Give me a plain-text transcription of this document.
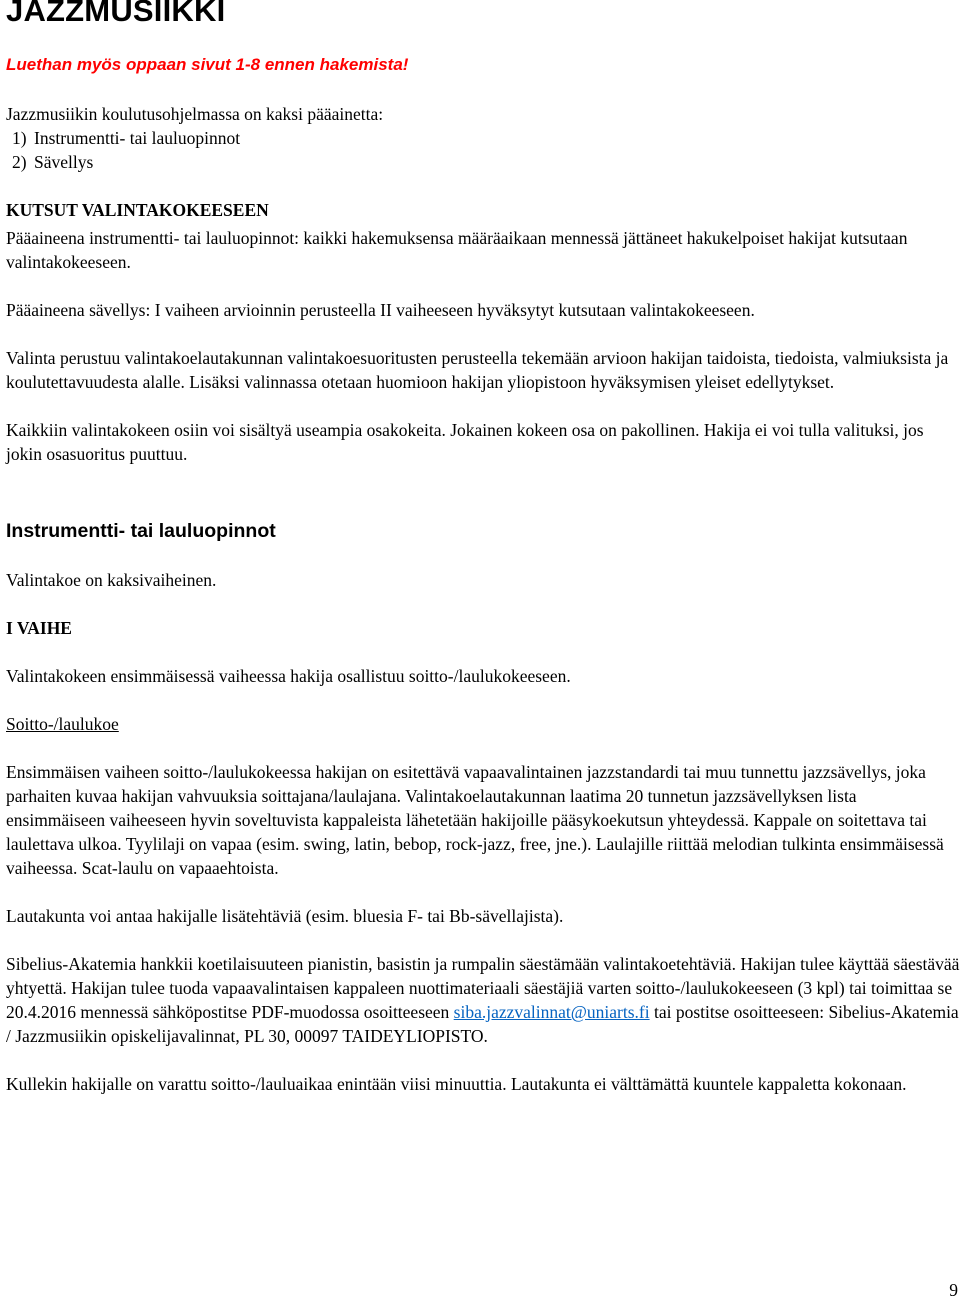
JAZZMUSIIKKI

Luethan myös oppaan sivut 1-8 ennen hakemista!

Jazzmusiikin koulutusohjelmassa on kaksi pääainetta:

1) Instrumentti- tai lauluopinnot
2) Sävellys

KUTSUT VALINTAKOKEESEEN

Pääaineena instrumentti- tai lauluopinnot: kaikki hakemuksensa määräaikaan mennessä jättäneet hakukelpoiset hakijat kutsutaan valintakokeeseen.

Pääaineena sävellys: I vaiheen arvioinnin perusteella II vaiheeseen hyväksytyt kutsutaan valintakokeeseen.

Valinta perustuu valintakoelautakunnan valintakoesuoritusten perusteella tekemään arvioon hakijan taidoista, tiedoista, valmiuksista ja koulutettavuudesta alalle. Lisäksi valinnassa otetaan huomioon hakijan yliopistoon hyväksymisen yleiset edellytykset.

Kaikkiin valintakokeen osiin voi sisältyä useampia osakokeita. Jokainen kokeen osa on pakollinen. Hakija ei voi tulla valituksi, jos jokin osasuoritus puuttuu.

Instrumentti- tai lauluopinnot

Valintakoe on kaksivaiheinen.

I VAIHE

Valintakokeen ensimmäisessä vaiheessa hakija osallistuu soitto-/laulukokeeseen.

Soitto-/laulukoe

Ensimmäisen vaiheen soitto-/laulukokeessa hakijan on esitettävä vapaavalintainen jazzstandardi tai muu tunnettu jazzsävellys, joka parhaiten kuvaa hakijan vahvuuksia soittajana/laulajana. Valintakoelautakunnan laatima 20 tunnetun jazzsävellyksen lista ensimmäiseen vaiheeseen hyvin soveltuvista kappaleista lähetetään hakijoille pääsykoekutsun yhteydessä. Kappale on soitettava tai laulettava ulkoa. Tyylilaji on vapaa (esim. swing, latin, bebop, rock-jazz, free, jne.). Laulajille riittää melodian tulkinta ensimmäisessä vaiheessa. Scat-laulu on vapaaehtoista.

Lautakunta voi antaa hakijalle lisätehtäviä (esim. bluesia F- tai Bb-sävellajista).

Sibelius-Akatemia hankkii koetilaisuuteen pianistin, basistin ja rumpalin säestämään valintakoetehtäviä. Hakijan tulee käyttää säestävää yhtyettä. Hakijan tulee tuoda vapaavalintaisen kappaleen nuottimateriaali säestäjiä varten soitto-/laulukokeeseen (3 kpl) tai toimittaa se 20.4.2016 mennessä sähköpostitse PDF-muodossa osoitteeseen siba.jazzvalinnat@uniarts.fi tai postitse osoitteeseen: Sibelius-Akatemia / Jazzmusiikin opiskelijavalinnat, PL 30, 00097 TAIDEYLIOPISTO.

Kullekin hakijalle on varattu soitto-/lauluaikaa enintään viisi minuuttia. Lautakunta ei välttämättä kuuntele kappaletta kokonaan.

9
